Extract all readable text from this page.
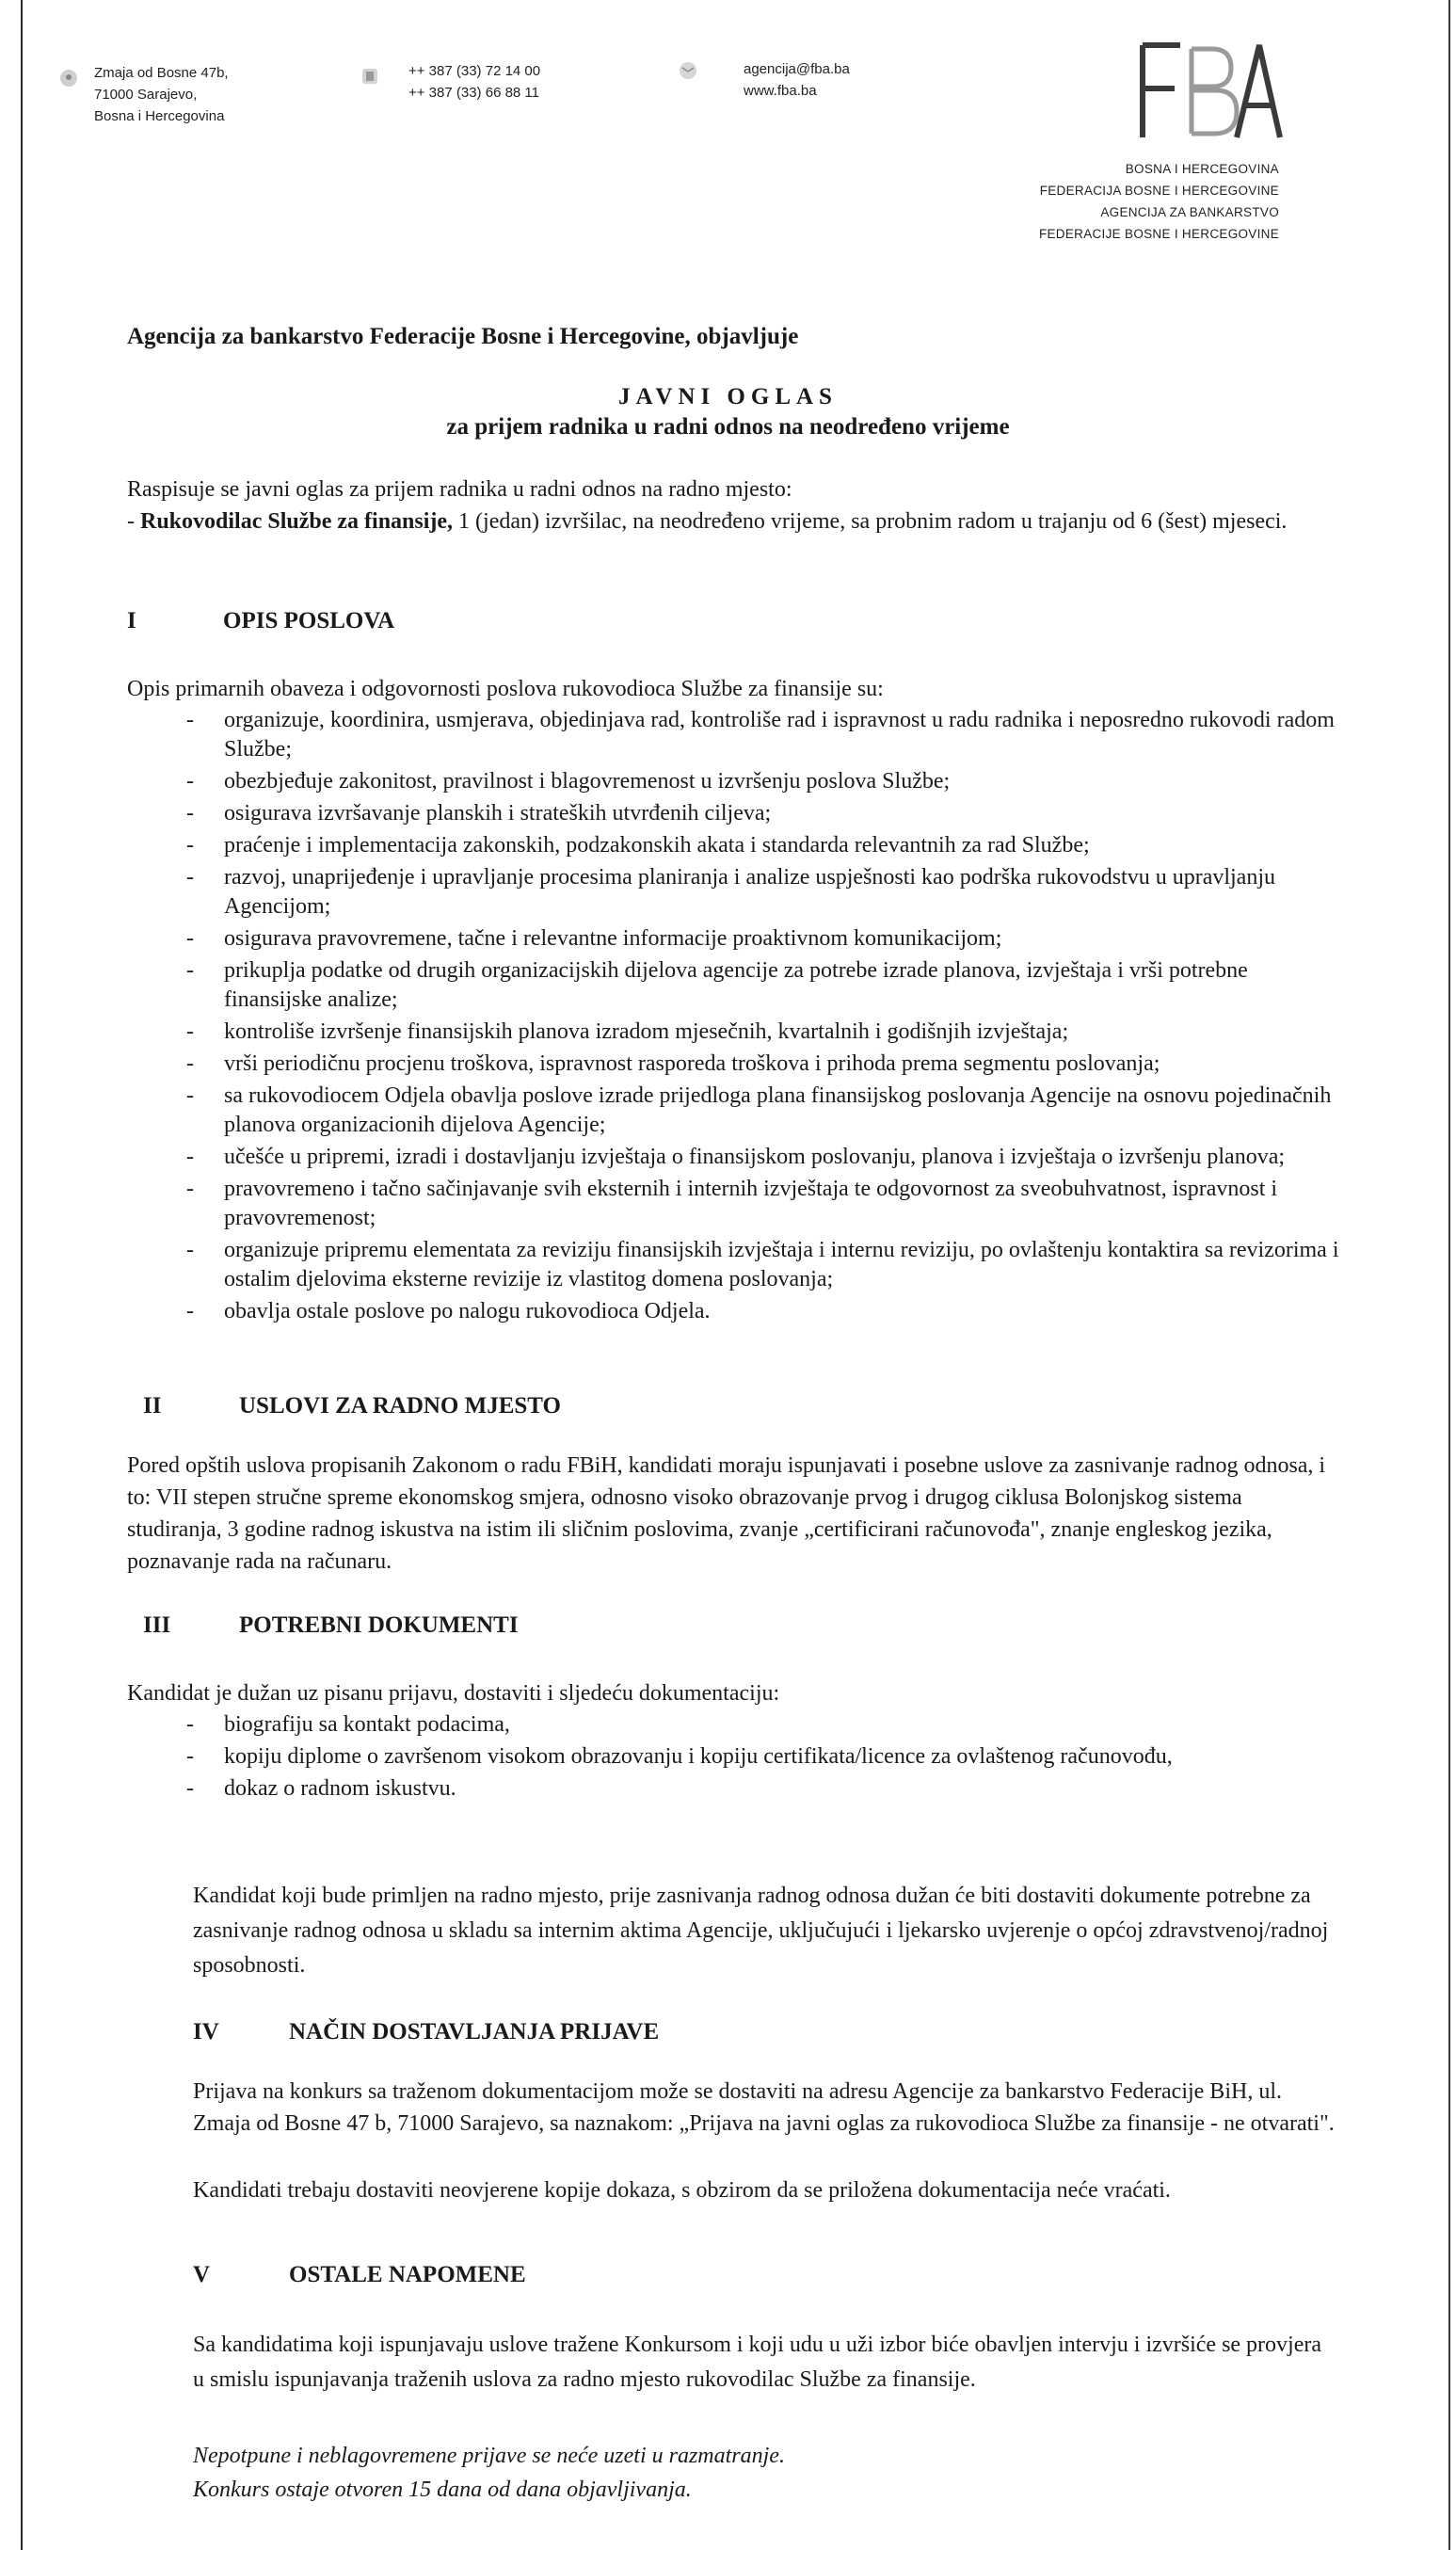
Zmaja od Bosne 47b,
71000 Sarajevo,
Bosna i Hercegovina
++ 387 (33) 72 14 00
++ 387 (33) 66 88 11
agencija@fba.ba
www.fba.ba
BOSNA I HERCEGOVINA
FEDERACIJA BOSNE I HERCEGOVINE
AGENCIJA ZA BANKARSTVO
FEDERACIJE BOSNE I HERCEGOVINE
Agencija za bankarstvo Federacije Bosne i Hercegovine, objavljuje
JAVNI OGLAS
za prijem radnika u radni odnos na neodređeno vrijeme
Raspisuje se javni oglas za prijem radnika u radni odnos na radno mjesto:
- Rukovodilac Službe za finansije, 1 (jedan) izvršilac, na neodređeno vrijeme, sa probnim radom u trajanju od 6 (šest) mjeseci.
I	OPIS POSLOVA
Opis primarnih obaveza i odgovornosti poslova rukovodioca Službe za finansije su:
- organizuje, koordinira, usmjerava, objedinjava rad, kontroliše rad i ispravnost u radu radnika i neposredno rukovodi radom Službe;
- obezbjeđuje zakonitost, pravilnost i blagovremenost u izvršenju poslova Službe;
- osigurava izvršavanje planskih i strateških utvrđenih ciljeva;
- praćenje i implementacija zakonskih, podzakonskih akata i standarda relevantnih za rad Službe;
- razvoj, unaprijeđenje i upravljanje procesima planiranja i analize uspješnosti kao podrška rukovodstvu u upravljanju Agencijom;
- osigurava pravovremene, tačne i relevantne informacije proaktivnom komunikacijom;
- prikuplja podatke od drugih organizacijskih dijelova agencije za potrebe izrade planova, izvještaja i vrši potrebne finansijske analize;
- kontroliše izvršenje finansijskih planova izradom mjesečnih, kvartalnih i godišnjih izvještaja;
- vrši periodičnu procjenu troškova, ispravnost rasporeda troškova i prihoda prema segmentu poslovanja;
- sa rukovodiocem Odjela obavlja poslove izrade prijedloga plana finansijskog poslovanja Agencije na osnovu pojedinačnih planova organizacionih dijelova Agencije;
- učešće u pripremi, izradi i dostavljanju izvještaja o finansijskom poslovanju, planova i izvještaja o izvršenju planova;
- pravovremeno i tačno sačinjavanje svih eksternih i internih izvještaja te odgovornost za sveobuhvatnost, ispravnost i pravovremenost;
- organizuje pripremu elementata za reviziju finansijskih izvještaja i internu reviziju, po ovlaštenju kontaktira sa revizorima i ostalim djelovima eksterne revizije iz vlastitog domena poslovanja;
- obavlja ostale poslove po nalogu rukovodioca Odjela.
II	USLOVI ZA RADNO MJESTO
Pored opštih uslova propisanih Zakonom o radu FBiH, kandidati moraju ispunjavati i posebne uslove za zasnivanje radnog odnosa, i to: VII stepen stručne spreme ekonomskog smjera, odnosno visoko obrazovanje prvog i drugog ciklusa Bolonjskog sistema studiranja, 3 godine radnog iskustva na istim ili sličnim poslovima, zvanje „certificirani računovođa", znanje engleskog jezika, poznavanje rada na računaru.
III	POTREBNI DOKUMENTI
Kandidat je dužan uz pisanu prijavu, dostaviti i sljedeću dokumentaciju:
- biografiju sa kontakt podacima,
- kopiju diplome o završenom visokom obrazovanju i kopiju certifikata/licence za ovlaštenog računovođu,
- dokaz o radnom iskustvu.
Kandidat koji bude primljen na radno mjesto, prije zasnivanja radnog odnosa dužan će biti dostaviti dokumente potrebne za zasnivanje radnog odnosa u skladu sa internim aktima Agencije, uključujući i ljekarsko uvjerenje o općoj zdravstvenoj/radnoj sposobnosti.
IV	NAČIN DOSTAVLJANJA PRIJAVE
Prijava na konkurs sa traženom dokumentacijom može se dostaviti na adresu Agencije za bankarstvo Federacije BiH, ul. Zmaja od Bosne 47 b, 71000 Sarajevo, sa naznakom: „Prijava na javni oglas za rukovodioca Službe za finansije - ne otvarati".
Kandidati trebaju dostaviti neovjerene kopije dokaza, s obzirom da se priložena dokumentacija neće vraćati.
V	OSTALE NAPOMENE
Sa kandidatima koji ispunjavaju uslove tražene Konkursom i koji udu u uži izbor biće obavljen intervju i izvršiće se provjera u smislu ispunjavanja traženih uslova za radno mjesto rukovodilac Službe za finansije.
Nepotpune i neblagovremene prijave se neće uzeti u razmatranje.
Konkurs ostaje otvoren 15 dana od dana objavljivanja.
